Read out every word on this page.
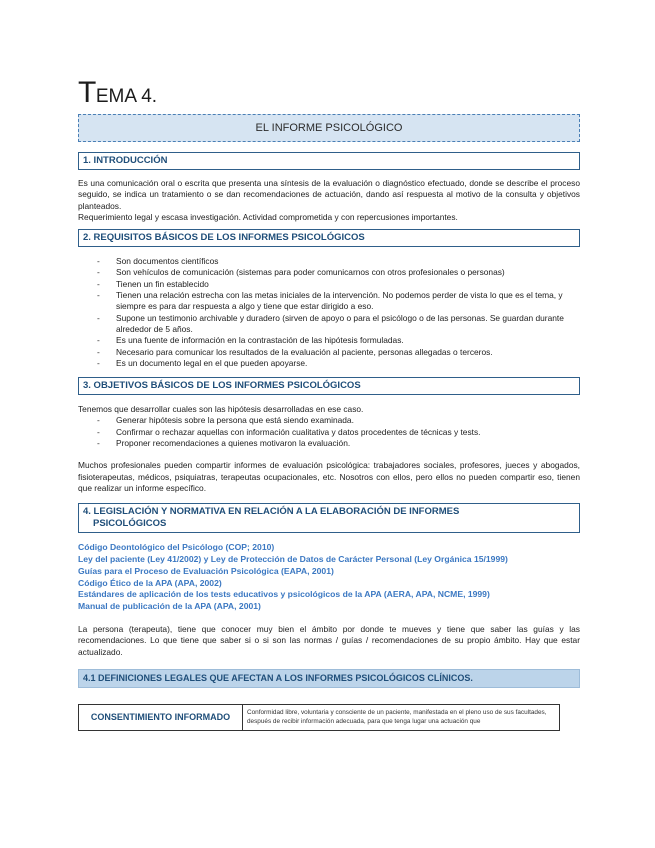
TEMA 4.
EL INFORME PSICOLÓGICO
1. INTRODUCCIÓN

Es una comunicación oral o escrita que presenta una síntesis de la evaluación o diagnóstico efectuado, donde se describe el proceso seguido, se indica un tratamiento o se dan recomendaciones de actuación, dando así respuesta al motivo de la consulta y objetivos planteados.

Requerimiento legal y escasa investigación. Actividad comprometida y con repercusiones importantes.

2. REQUISITOS BÁSICOS DE LOS INFORMES PSICOLÓGICOS
- Son documentos científicos
- Son vehículos de comunicación (sistemas para poder comunicarnos con otros profesionales o personas)
- Tienen un fin establecido
- Tienen una relación estrecha con las metas iniciales de la intervención. No podemos perder de vista lo que es el tema, y siempre es para dar respuesta a algo y tiene que estar dirigido a eso.
- Supone un testimonio archivable y duradero (sirven de apoyo o para el psicólogo o de las personas. Se guardan durante alrededor de 5 años.
- Es una fuente de información en la contrastación de las hipótesis formuladas.
- Necesario para comunicar los resultados de la evaluación al paciente, personas allegadas o terceros.
- Es un documento legal en el que pueden apoyarse.
3. OBJETIVOS BÁSICOS DE LOS INFORMES PSICOLÓGICOS

Tenemos que desarrollar cuales son las hipótesis desarrolladas en ese caso.

- Generar hipótesis sobre la persona que está siendo examinada.
- Confirmar o rechazar aquellas con información cualitativa y datos procedentes de técnicas y tests.
- Proponer recomendaciones a quienes motivaron la evaluación.

Muchos profesionales pueden compartir informes de evaluación psicológica: trabajadores sociales, profesores, jueces y abogados, fisioterapeutas, médicos, psiquiatras, terapeutas ocupacionales, etc. Nosotros con ellos, pero ellos no pueden compartir eso, tienen que realizar un informe específico.

4. LEGISLACIÓN Y NORMATIVA EN RELACIÓN A LA ELABORACIÓN DE INFORMES
PSICOLÓGICOS
Código Deontológico del Psicólogo (COP; 2010)
Ley del paciente (Ley 41/2002) y Ley de Protección de Datos de Carácter Personal (Ley Orgánica 15/1999)
Guías para el Proceso de Evaluación Psicológica (EAPA, 2001)
Código Ético de la APA (APA, 2002)
Estándares de aplicación de los tests educativos y psicológicos de la APA (AERA, APA, NCME, 1999)
Manual de publicación de la APA (APA, 2001)

La persona (terapeuta), tiene que conocer muy bien el ámbito por donde te mueves y tiene que saber las guías y las recomendaciones. Lo que tiene que saber si o si son las normas / guías / recomendaciones de su propio ámbito. Hay que estar actualizado.

4.1 DEFINICIONES LEGALES QUE AFECTAN A LOS INFORMES PSICOLÓGICOS CLÍNICOS.
CONSENTIMIENTO INFORMADO	Conformidad libre, voluntaria y consciente de un paciente, manifestada en el pleno uso de sus facultades, después de recibir información adecuada, para que tenga lugar una actuación que
